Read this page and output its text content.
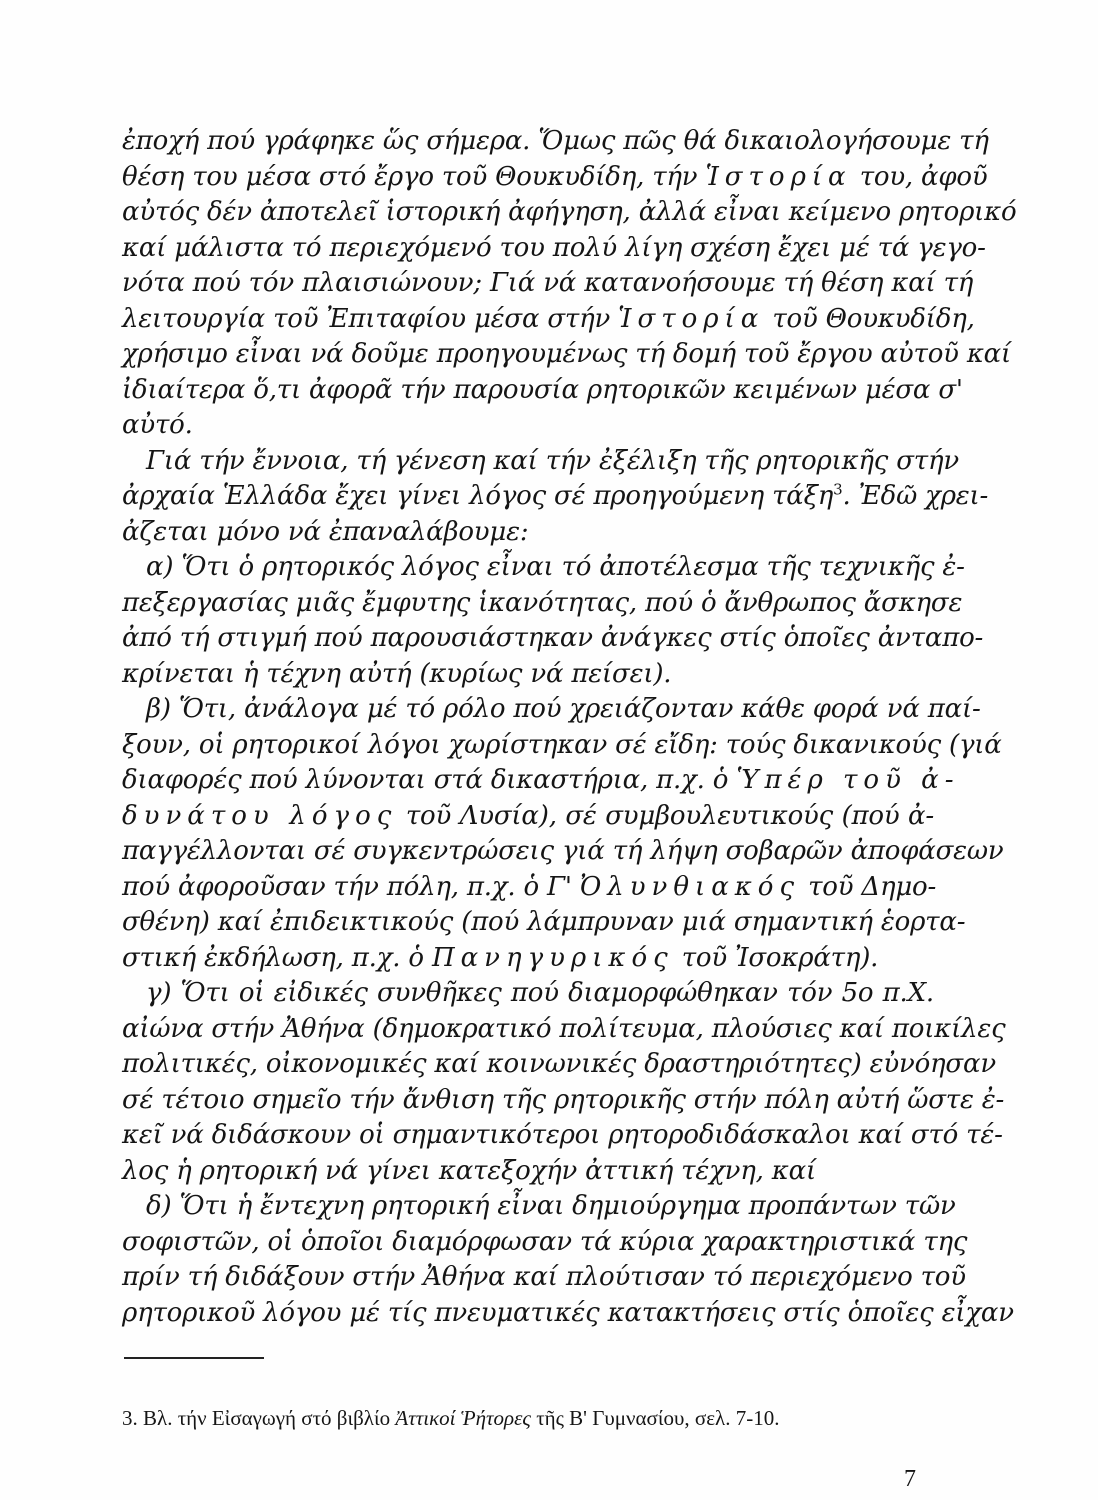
ἐποχή πού γράφηκε ὥς σήμερα. Ὅμως πῶς θά δικαιολογήσουμε τή
θέση του μέσα στό ἔργο τοῦ Θουκυδίδη, τήν Ἱστορία του, ἀφοῦ
αὐτός δέν ἀποτελεῖ ἱστορική ἀφήγηση, ἀλλά εἶναι κείμενο ρητορικό
καί μάλιστα τό περιεχόμενό του πολύ λίγη σχέση ἔχει μέ τά γεγο-
νότα πού τόν πλαισιώνουν; Γιά νά κατανοήσουμε τή θέση καί τή
λειτουργία τοῦ Ἐπιταφίου μέσα στήν Ἱστορία τοῦ Θουκυδίδη,
χρήσιμο εἶναι νά δοῦμε προηγουμένως τή δομή τοῦ ἔργου αὐτοῦ καί
ἰδιαίτερα ὅ,τι ἀφορᾶ τήν παρουσία ρητορικῶν κειμένων μέσα σ'
αὐτό.
Γιά τήν ἔννοια, τή γένεση καί τήν ἐξέλιξη τῆς ρητορικῆς στήν
ἀρχαία Ἑλλάδα ἔχει γίνει λόγος σέ προηγούμενη τάξη$^3$. Ἐδῶ χρει-
ἀζεται μόνο νά ἐπαναλάβουμε:
α) Ὅτι ὁ ρητορικός λόγος εἶναι τό ἀποτέλεσμα τῆς τεχνικῆς ἐ-
πεξεργασίας μιᾶς ἔμφυτης ἱκανότητας, πού ὁ ἄνθρωπος ἄσκησε
ἀπό τή στιγμή πού παρουσιάστηκαν ἀνάγκες στίς ὁποῖες ἀνταπο-
κρίνεται ἡ τέχνη αὐτή (κυρίως νά πείσει).
β) Ὅτι, ἀνάλογα μέ τό ρόλο πού χρειάζονταν κάθε φορά νά παί-
ξουν, οἱ ρητορικοί λόγοι χωρίστηκαν σέ εἴδη: τούς δικανικούς (γιά
διαφορές πού λύνονται στά δικαστήρια, π.χ. ὁ Ὑπέρ τοῦ ἀ-
δυνάτου λόγος τοῦ Λυσία), σέ συμβουλευτικούς (πού ἀ-
παγγέλλονται σέ συγκεντρώσεις γιά τή λήψη σοβαρῶν ἀποφάσεων
πού ἀφοροῦσαν τήν πόλη, π.χ. ὁ Γ' Ὀλυνθιακός τοῦ Δημο-
σθένη) καί ἐπιδεικτικούς (πού λάμπρυναν μιά σημαντική ἑορτα-
στική ἐκδήλωση, π.χ. ὁ Πανηγυρικός τοῦ Ἰσοκράτη).
γ) Ὅτι οἱ εἰδικές συνθῆκες πού διαμορφώθηκαν τόν 5ο π.Χ.
αἰώνα στήν Ἀθήνα (δημοκρατικό πολίτευμα, πλούσιες καί ποικίλες
πολιτικές, οἰκονομικές καί κοινωνικές δραστηριότητες) εὐνόησαν
σέ τέτοιο σημεῖο τήν ἄνθιση τῆς ρητορικῆς στήν πόλη αὐτή ὥστε ἐ-
κεῖ νά διδάσκουν οἱ σημαντικότεροι ρητοροδιδάσκαλοι καί στό τέ-
λος ἡ ρητορική νά γίνει κατεξοχήν ἀττική τέχνη, καί
δ) Ὅτι ἡ ἔντεχνη ρητορική εἶναι δημιούργημα προπάντων τῶν
σοφιστῶν, οἱ ὁποῖοι διαμόρφωσαν τά κύρια χαρακτηριστικά της
πρίν τή διδάξουν στήν Ἀθήνα καί πλούτισαν τό περιεχόμενο τοῦ
ρητορικοῦ λόγου μέ τίς πνευματικές κατακτήσεις στίς ὁποῖες εἶχαν
3. Βλ. τήν Εἰσαγωγή στό βιβλίο Ἀττικοί Ῥήτορες τῆς Β' Γυμνασίου, σελ. 7-10.
7
